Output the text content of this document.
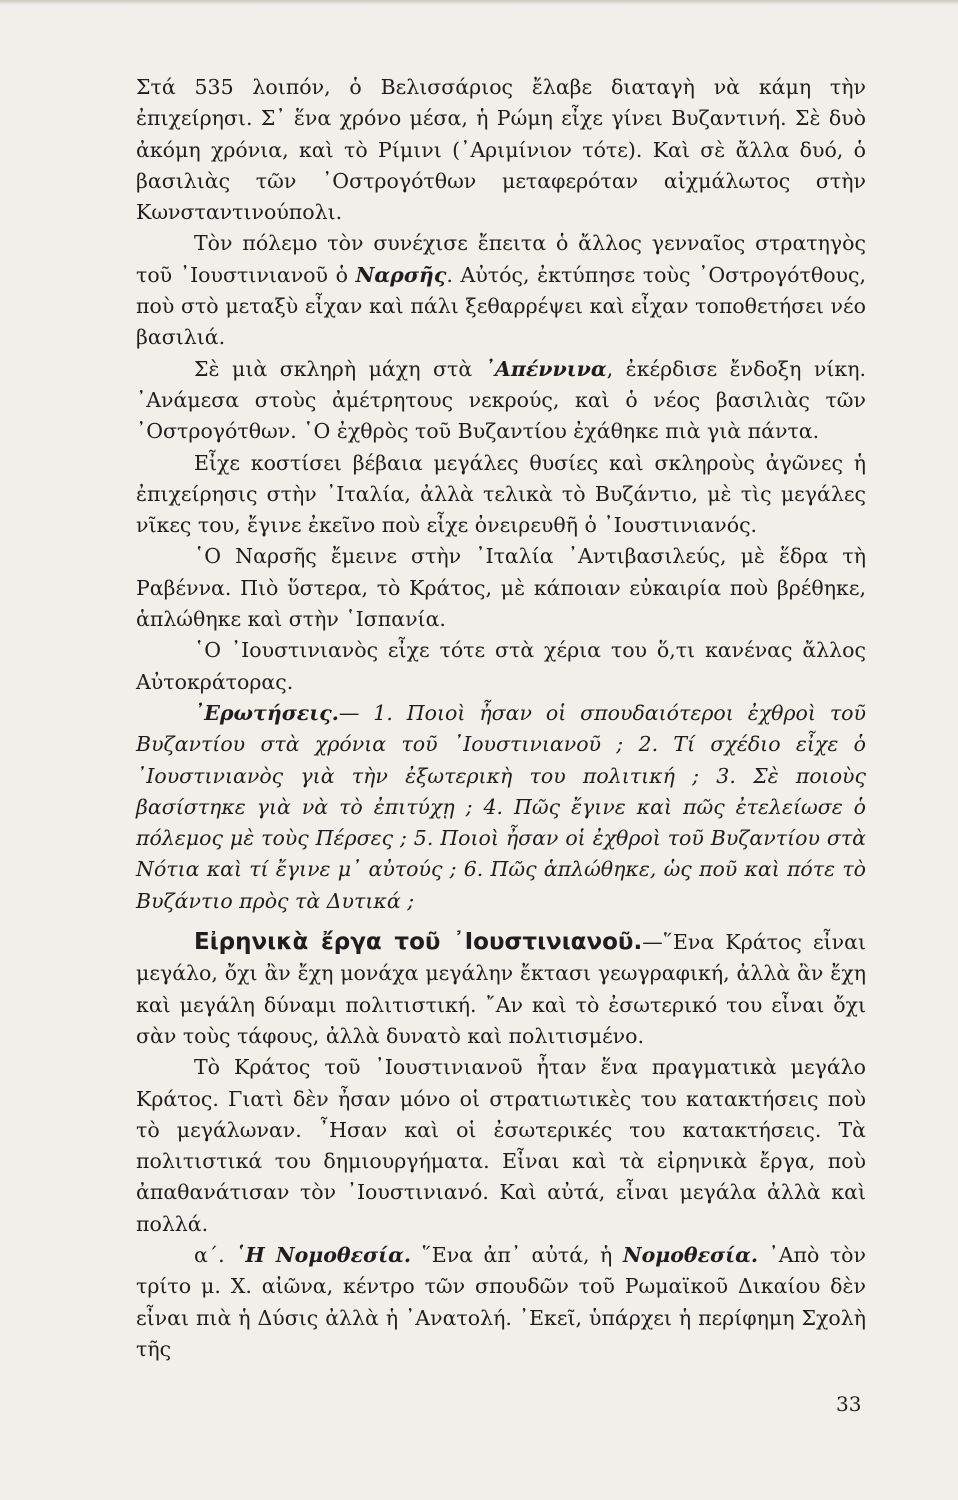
Στά 535 λοιπόν, ὁ Βελισσάριος ἔλαβε διαταγὴ νὰ κάμη τὴν ἐπιχείρησι. Σ᾿ ἕνα χρόνο μέσα, ἡ Ρώμη εἶχε γίνει Βυζαντινή. Σὲ δυὸ ἀκόμη χρόνια, καὶ τὸ Ρίμινι (᾿Αριμίνιον τότε). Καὶ σὲ ἄλλα δυό, ὁ βασιλιὰς τῶν ᾿Οστρογότθων μεταφερόταν αἰχμάλωτος στὴν Κωνσταντινούπολι.

Τὸν πόλεμο τὸν συνέχισε ἔπειτα ὁ ἄλλος γενναῖος στρατηγὸς τοῦ ᾿Ιουστινιανοῦ ὁ Ναρσῆς. Αὐτός, ἐκτύπησε τοὺς ᾿Οστρογότθους, ποὺ στὸ μεταξὺ εἶχαν καὶ πάλι ξεθαρρέψει καὶ εἶχαν τοποθετήσει νέο βασιλιά.

Σὲ μιὰ σκληρὴ μάχη στὰ ᾿Απέννινα, ἐκέρδισε ἔνδοξη νίκη. ᾿Ανάμεσα στοὺς ἀμέτρητους νεκρούς, καὶ ὁ νέος βασιλιὰς τῶν ᾿Οστρογότθων. ῾Ο ἐχθρὸς τοῦ Βυζαντίου ἐχάθηκε πιὰ γιὰ πάντα.

Εἶχε κοστίσει βέβαια μεγάλες θυσίες καὶ σκληροὺς ἀγῶνες ἡ ἐπιχείρησις στὴν ᾿Ιταλία, ἀλλὰ τελικὰ τὸ Βυζάντιο, μὲ τὶς μεγάλες νῖκες του, ἔγινε ἐκεῖνο ποὺ εἶχε ὀνειρευθῆ ὁ ᾿Ιουστινιανός.

῾Ο Ναρσῆς ἔμεινε στὴν ᾿Ιταλία ᾿Αντιβασιλεύς, μὲ ἕδρα τὴ Ραβέννα. Πιὸ ὕστερα, τὸ Κράτος, μὲ κάποιαν εὐκαιρία ποὺ βρέθηκε, ἁπλώθηκε καὶ στὴν ῾Ισπανία.

῾Ο ᾿Ιουστινιανὸς εἶχε τότε στὰ χέρια του ὅ,τι κανένας ἄλλος Αὐτοκράτορας.

᾿Ερωτήσεις.— 1. Ποιοὶ ἦσαν οἱ σπουδαιότεροι ἐχθροὶ τοῦ Βυζαντίου στὰ χρόνια τοῦ ᾿Ιουστινιανοῦ ; 2. Τί σχέδιο εἶχε ὁ ᾿Ιουστινιανὸς γιὰ τὴν ἐξωτερικὴ του πολιτική ; 3. Σὲ ποιοὺς βασίστηκε γιὰ νὰ τὸ ἐπιτύχῃ ; 4. Πῶς ἔγινε καὶ πῶς ἐτελείωσε ὁ πόλεμος μὲ τοὺς Πέρσες ; 5. Ποιοὶ ἦσαν οἱ ἐχθροὶ τοῦ Βυζαντίου στὰ Νότια καὶ τί ἔγινε μ᾿ αὐτούς ; 6. Πῶς ἁπλώθηκε, ὡς ποῦ καὶ πότε τὸ Βυζάντιο πρὸς τὰ Δυτικά ;

Εἰρηνικὰ ἔργα τοῦ ᾿Ιουστινιανοῦ.—῞Ενα Κράτος εἶναι μεγάλο, ὄχι ἂν ἔχη μονάχα μεγάλην ἔκτασι γεωγραφική, ἀλλὰ ἂν ἔχη καὶ μεγάλη δύναμι πολιτιστική. ῎Αν καὶ τὸ ἐσωτερικό του εἶναι ὄχι σὰν τοὺς τάφους, ἀλλὰ δυνατὸ καὶ πολιτισμένο.

Τὸ Κράτος τοῦ ᾿Ιουστινιανοῦ ἦταν ἕνα πραγματικὰ μεγάλο Κράτος. Γιατὶ δὲν ἦσαν μόνο οἱ στρατιωτικὲς του κατακτήσεις ποὺ τὸ μεγάλωναν. ῏Ησαν καὶ οἱ ἐσωτερικές του κατακτήσεις. Τὰ πολιτιστικά του δημιουργήματα. Εἶναι καὶ τὰ εἰρηνικὰ ἔργα, ποὺ ἀπαθανάτισαν τὸν ᾿Ιουστινιανό. Καὶ αὐτά, εἶναι μεγάλα ἀλλὰ καὶ πολλά.

α΄. ῾Η Νομοθεσία. ῞Ενα ἀπ᾿ αὐτά, ἡ Νομοθεσία. ᾿Απὸ τὸν τρίτο μ. Χ. αἰῶνα, κέντρο τῶν σπουδῶν τοῦ Ρωμαϊκοῦ Δικαίου δὲν εἶναι πιὰ ἡ Δύσις ἀλλὰ ἡ ᾿Ανατολή. ᾿Εκεῖ, ὑπάρχει ἡ περίφημη Σχολὴ τῆς

33
